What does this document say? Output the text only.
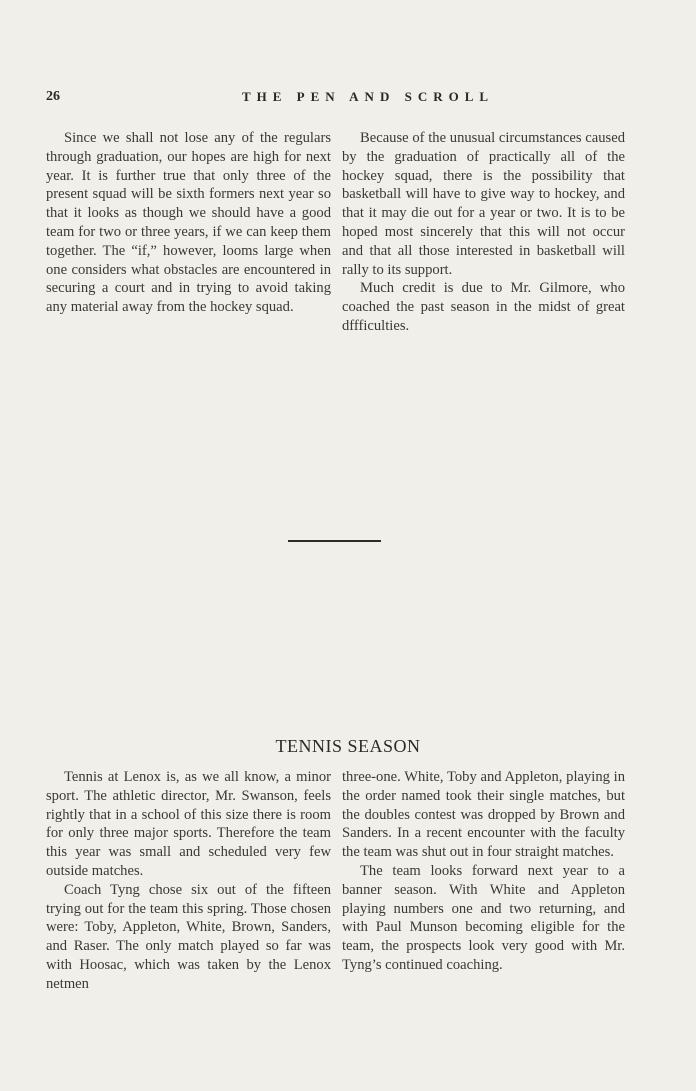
26	THE PEN AND SCROLL

Since we shall not lose any of the regulars through graduation, our hopes are high for next year. It is further true that only three of the present squad will be sixth formers next year so that it looks as though we should have a good team for two or three years, if we can keep them together. The “if,” however, looms large when one considers what obstacles are encountered in securing a court and in trying to avoid taking any material away from the hockey squad.

Because of the unusual circumstances caused by the graduation of practically all of the hockey squad, there is the possibility that basketball will have to give way to hockey, and that it may die out for a year or two. It is to be hoped most sincerely that this will not occur and that all those interested in basketball will rally to its support.

Much credit is due to Mr. Gilmore, who coached the past season in the midst of great dffficulties.

TENNIS SEASON

Tennis at Lenox is, as we all know, a minor sport. The athletic director, Mr. Swanson, feels rightly that in a school of this size there is room for only three major sports. Therefore the team this year was small and scheduled very few outside matches.

Coach Tyng chose six out of the fifteen trying out for the team this spring. Those chosen were: Toby, Appleton, White, Brown, Sanders, and Raser. The only match played so far was with Hoosac, which was taken by the Lenox netmen

three-one. White, Toby and Appleton, playing in the order named took their single matches, but the doubles contest was dropped by Brown and Sanders. In a recent encounter with the faculty the team was shut out in four straight matches.

The team looks forward next year to a banner season. With White and Appleton playing numbers one and two returning, and with Paul Munson becoming eligible for the team, the prospects look very good with Mr. Tyng’s continued coaching.
